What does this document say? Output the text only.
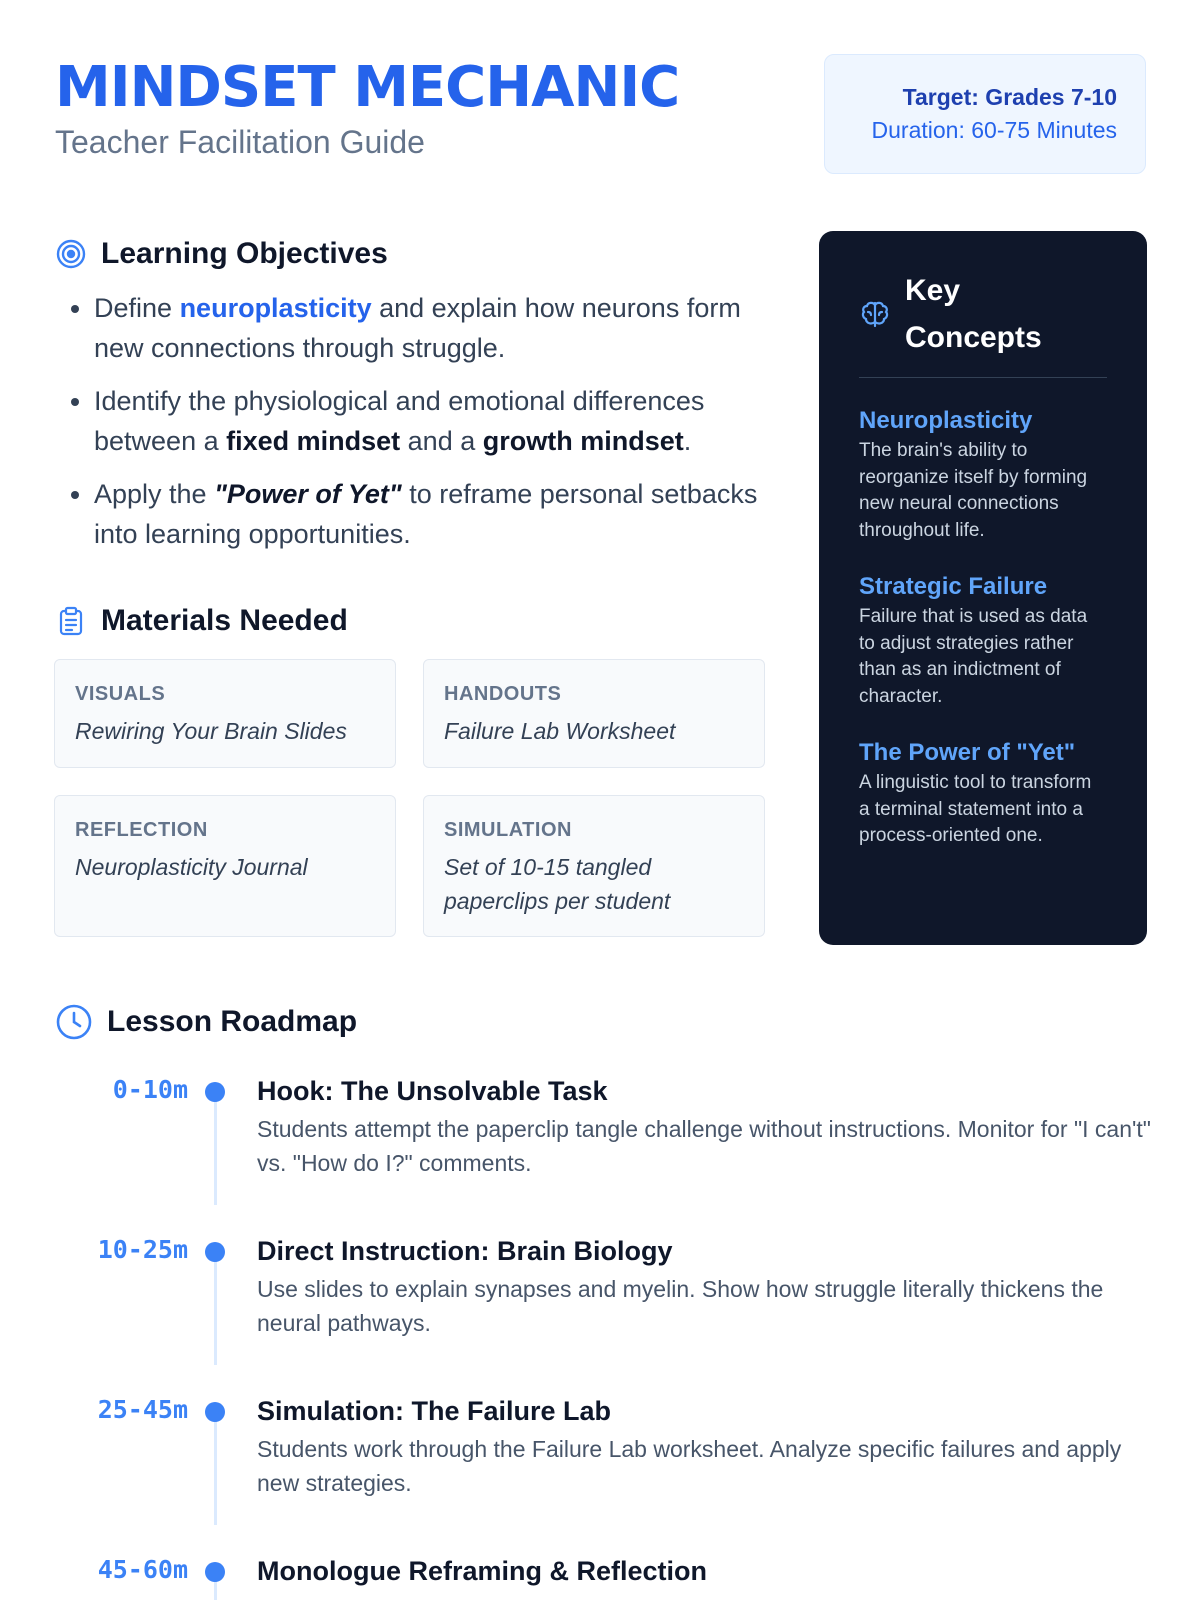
MINDSET MECHANIC
Teacher Facilitation Guide
Target: Grades 7-10
Duration: 60-75 Minutes
Learning Objectives
• Define neuroplasticity and explain how neurons form new connections through struggle.
• Identify the physiological and emotional differences between a fixed mindset and a growth mindset.
• Apply the "Power of Yet" to reframe personal setbacks into learning opportunities.
Materials Needed
VISUALS
Rewiring Your Brain Slides
HANDOUTS
Failure Lab Worksheet
REFLECTION
Neuroplasticity Journal
SIMULATION
Set of 10-15 tangled paperclips per student
Key
Concepts
Neuroplasticity
The brain's ability to reorganize itself by forming new neural connections throughout life.
Strategic Failure
Failure that is used as data to adjust strategies rather than as an indictment of character.
The Power of "Yet"
A linguistic tool to transform a terminal statement into a process-oriented one.
Lesson Roadmap
0-10m	Hook: The Unsolvable Task
Students attempt the paperclip tangle challenge without instructions. Monitor for "I can't" vs. "How do I?" comments.
10-25m	Direct Instruction: Brain Biology
Use slides to explain synapses and myelin. Show how struggle literally thickens the neural pathways.
25-45m	Simulation: The Failure Lab
Students work through the Failure Lab worksheet. Analyze specific failures and apply new strategies.
45-60m	Monologue Reframing & Reflection
